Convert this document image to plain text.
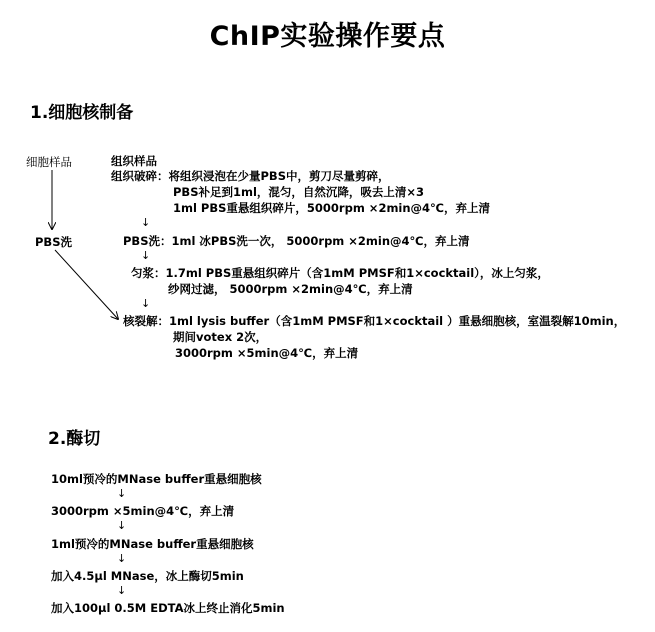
ChIP实验操作要点
1.细胞核制备
细胞样品
PBS洗
组织样品
组织破碎：将组织浸泡在少量PBS中，剪刀尽量剪碎，
PBS补足到1ml，混匀，自然沉降，吸去上清×3
1ml PBS重悬组织碎片，5000rpm ×2min@4℃，弃上清
↓
PBS洗：1ml 冰PBS洗一次， 5000rpm ×2min@4℃，弃上清
↓
匀浆：1.7ml PBS重悬组织碎片（含1mM PMSF和1×cocktail），冰上匀浆，
纱网过滤， 5000rpm ×2min@4℃，弃上清
↓
核裂解：1ml lysis buffer（含1mM PMSF和1×cocktail ）重悬细胞核，室温裂解10min，
期间votex 2次，
3000rpm ×5min@4℃，弃上清
2.酶切
10ml预冷的MNase buffer重悬细胞核
↓
3000rpm ×5min@4℃，弃上清
↓
1ml预冷的MNase buffer重悬细胞核
↓
加入4.5μl MNase，冰上酶切5min
↓
加入100μl 0.5M EDTA冰上终止消化5min
